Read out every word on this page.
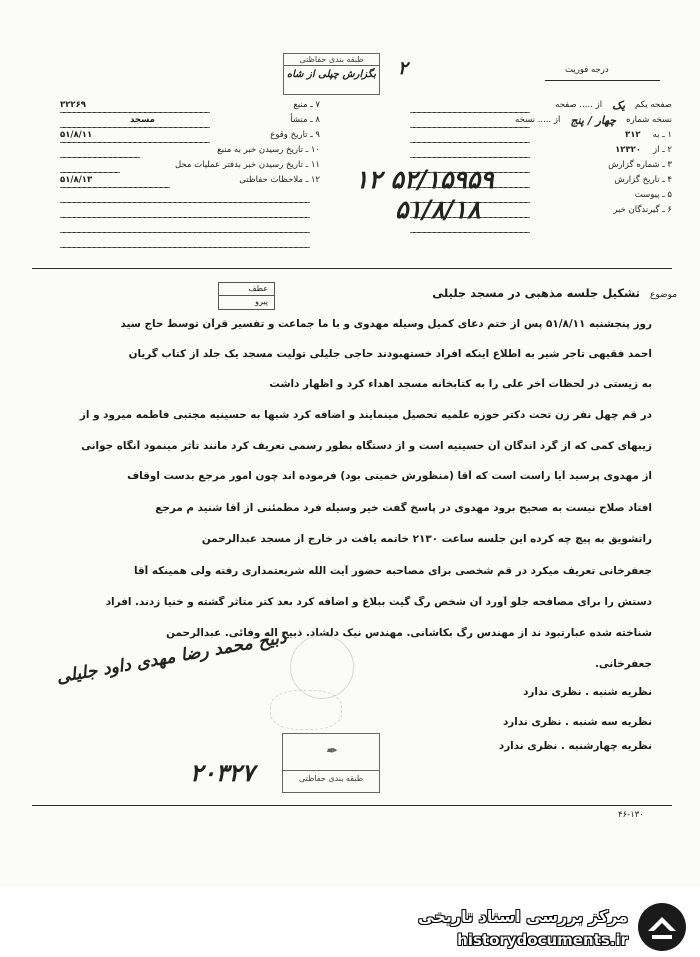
طبقه بندی حفاظتی
بگزارش چپلی از شاه ۲	درجه فوریت
صفحه یکم
یک
از ..... صفحه
نسخه شماره
چهار / پنج
از ..... نسخه
۱ ـ به
۳۱۲
۲ ـ از
۱۲۳۲۰
۳ ـ شماره گزارش
۴ ـ تاریخ گزارش
۵ ـ پیوست
۶ ـ گیرندگان خبر
۷ ـ منبع
۳۲۲۶۹
۸ ـ منشأ
مسجد
۹ ـ تاریخ وقوع
۵۱/۸/۱۱
۱۰ ـ تاریخ رسیدن خبر به منبع
۱۱ ـ تاریخ رسیدن خبر بدفتر عملیات محل
۱۲ ـ ملاحظات حفاظتی
۵۱/۸/۱۳	۱۲ ۵۲/۱۵۹۵۹
۵۱/۸/۱۸
موضوع
تشکیل جلسه مذهبی در مسجد جلیلی
عطف
پیرو
روز پنجشنبه ۵۱/۸/۱۱ پس از ختم دعای کمیل وسیله مهدوی و با ما جماعت و تفسیر قرآن توسط حاج سید
احمد فقیهی تاجر شیر به اطلاع اینکه افراد خستهبودند حاجی جلیلی تولیت مسجد یک جلد از کتاب گریان
به زیستی در لحظات آخر علی را به کتابخانه مسجد اهداء کرد و اظهار داشت
در قم چهل نفر زن تحت دکتر حوزه علمیه تحصیل مینمایند و اضافه کرد شبها به حسینیه مجتبی فاطمه میرود و از
زیبهای کمی که از گرد اندگان آن حسینیه است و از دستگاه بطور رسمی تعریف کرد مانند تأثر مینمود آنگاه جوانی
از مهدوی پرسید آیا راست است که آقا (منظورش خمینی بود) فرموده اند چون امور مرجع بدست اوقاف
افتاد صلاح نیست به صحیح برود مهدوی در پاسخ گفت خیر وسیله فرد مطمئنی از آقا شنید م مرجع
راتشویق به پیچ چه کرده این جلسه ساعت ۲۱۳۰ خاتمه یافت در خارج از مسجد عبدالرحمن
جعفرخانی تعریف میکرد در قم شخصی برای مصاحبه حضور آیت الله شریعتمداری رفته ولی همینکه آقا
دستش را برای مصافحه جلو آورد آن شخص رگ گیت ببلاغ و اضافه کرد بعد کتر متاثر گشته و خنیا زدند. افراد
شناخته شده عبارتبود ند از مهندس رگ بکاشانی. مهندس نیک دلشاد. ذبیح اله وفائی. عبدالرحمن
جعفرخانی.
نظریه شنبه . نظری ندارد
نظریه سه شنبه . نظری ندارد
نظریه چهارشنبه . نظری ندارد
ذبیح محمد رضا مهدی داود جلیلی
۲۰۳۲۷
✒
طبقه بندی حفاظتی
۴۶-۱۳۰
مرکز بررسی اسناد تاریخی
historydocuments.ir
